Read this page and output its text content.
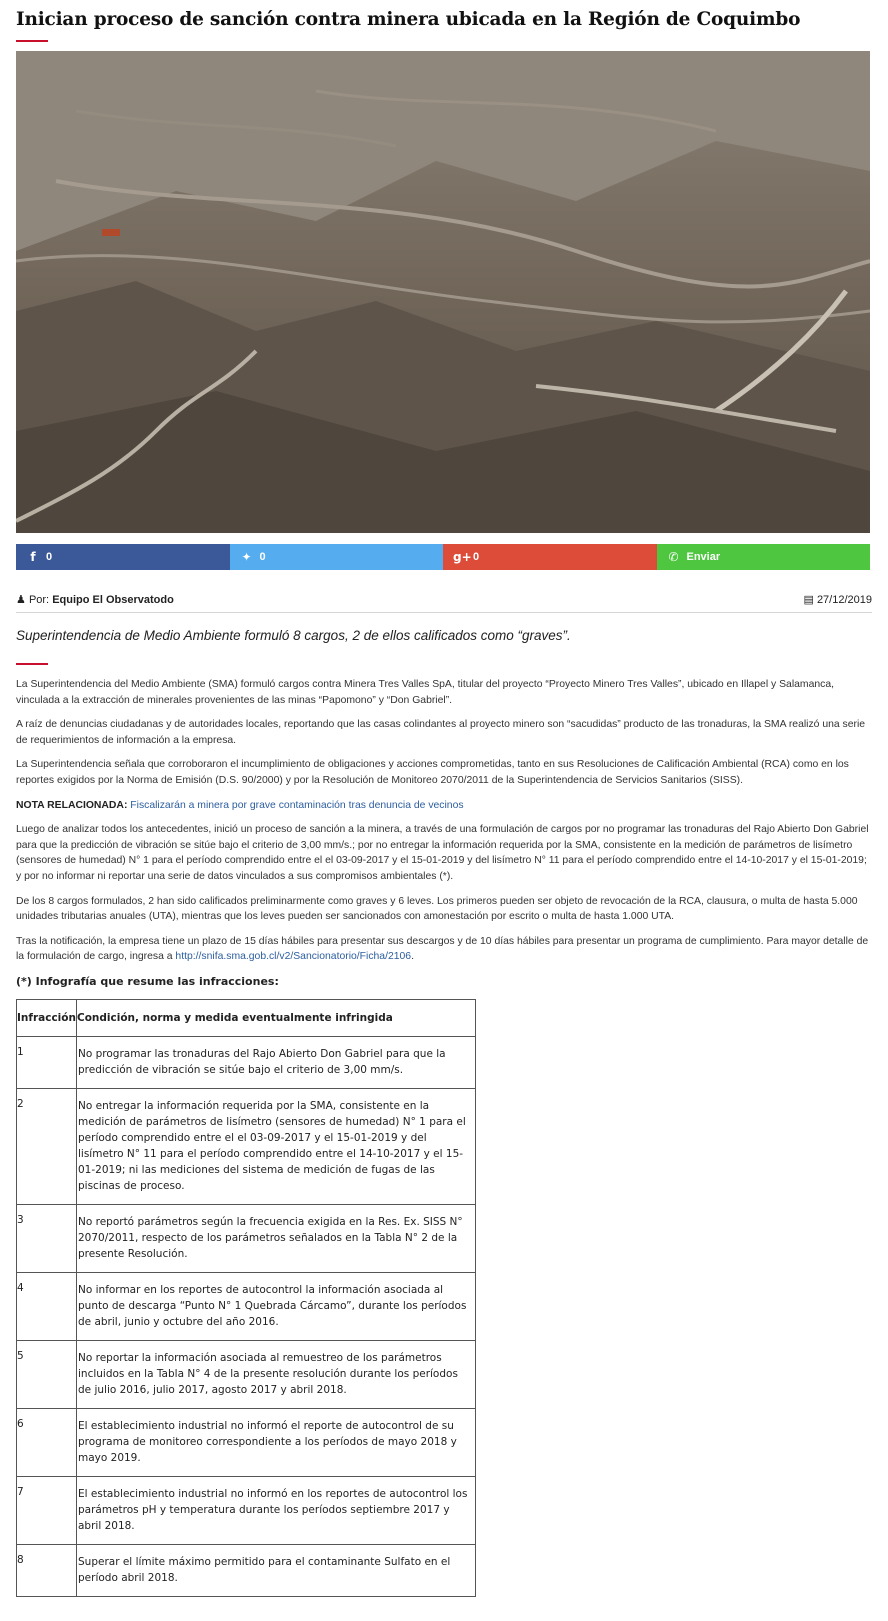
Inician proceso de sanción contra minera ubicada en la Región de Coquimbo
f 0	✦ 0	g+ 0	✆ Enviar
♟ Por: Equipo El Observatodo	▤ 27/12/2019

Superintendencia de Medio Ambiente formuló 8 cargos, 2 de ellos calificados como “graves”.

La Superintendencia del Medio Ambiente (SMA) formuló cargos contra Minera Tres Valles SpA, titular del proyecto “Proyecto Minero Tres Valles”, ubicado en Illapel y Salamanca, vinculada a la extracción de minerales provenientes de las minas “Papomono” y “Don Gabriel”.

A raíz de denuncias ciudadanas y de autoridades locales, reportando que las casas colindantes al proyecto minero son “sacudidas” producto de las tronaduras, la SMA realizó una serie de requerimientos de información a la empresa.

La Superintendencia señala que corroboraron el incumplimiento de obligaciones y acciones comprometidas, tanto en sus Resoluciones de Calificación Ambiental (RCA) como en los reportes exigidos por la Norma de Emisión (D.S. 90/2000) y por la Resolución de Monitoreo 2070/2011 de la Superintendencia de Servicios Sanitarios (SISS).

NOTA RELACIONADA: Fiscalizarán a minera por grave contaminación tras denuncia de vecinos

Luego de analizar todos los antecedentes, inició un proceso de sanción a la minera, a través de una formulación de cargos por no programar las tronaduras del Rajo Abierto Don Gabriel para que la predicción de vibración se sitúe bajo el criterio de 3,00 mm/s.; por no entregar la información requerida por la SMA, consistente en la medición de parámetros de lisímetro (sensores de humedad) N° 1 para el período comprendido entre el el 03-09-2017 y el 15-01-2019 y del lisímetro N° 11 para el período comprendido entre el 14-10-2017 y el 15-01-2019; y por no informar ni reportar una serie de datos vinculados a sus compromisos ambientales (*).

De los 8 cargos formulados, 2 han sido calificados preliminarmente como graves y 6 leves. Los primeros pueden ser objeto de revocación de la RCA, clausura, o multa de hasta 5.000 unidades tributarias anuales (UTA), mientras que los leves pueden ser sancionados con amonestación por escrito o multa de hasta 1.000 UTA.

Tras la notificación, la empresa tiene un plazo de 15 días hábiles para presentar sus descargos y de 10 días hábiles para presentar un programa de cumplimiento. Para mayor detalle de la formulación de cargo, ingresa a http://snifa.sma.gob.cl/v2/Sancionatorio/Ficha/2106.

(*) Infografía que resume las infracciones:
Infracción	Condición, norma y medida eventualmente infringida
1	No programar las tronaduras del Rajo Abierto Don Gabriel para que la predicción de vibración se sitúe bajo el criterio de 3,00 mm/s.
2	No entregar la información requerida por la SMA, consistente en la medición de parámetros de lisímetro (sensores de humedad) N° 1 para el período comprendido entre el el 03-09-2017 y el 15-01-2019 y del lisímetro N° 11 para el período comprendido entre el 14-10-2017 y el 15-01-2019; ni las mediciones del sistema de medición de fugas de las piscinas de proceso.
3	No reportó parámetros según la frecuencia exigida en la Res. Ex. SISS N° 2070/2011, respecto de los parámetros señalados en la Tabla N° 2 de la presente Resolución.
4	No informar en los reportes de autocontrol la información asociada al punto de descarga “Punto N° 1 Quebrada Cárcamo”, durante los períodos de abril, junio y octubre del año 2016.
5	No reportar la información asociada al remuestreo de los parámetros incluidos en la Tabla N° 4 de la presente resolución durante los períodos de julio 2016, julio 2017, agosto 2017 y abril 2018.
6	El establecimiento industrial no informó el reporte de autocontrol de su programa de monitoreo correspondiente a los períodos de mayo 2018 y mayo 2019.
7	El establecimiento industrial no informó en los reportes de autocontrol los parámetros pH y temperatura durante los períodos septiembre 2017 y abril 2018.
8	Superar el límite máximo permitido para el contaminante Sulfato en el período abril 2018.
